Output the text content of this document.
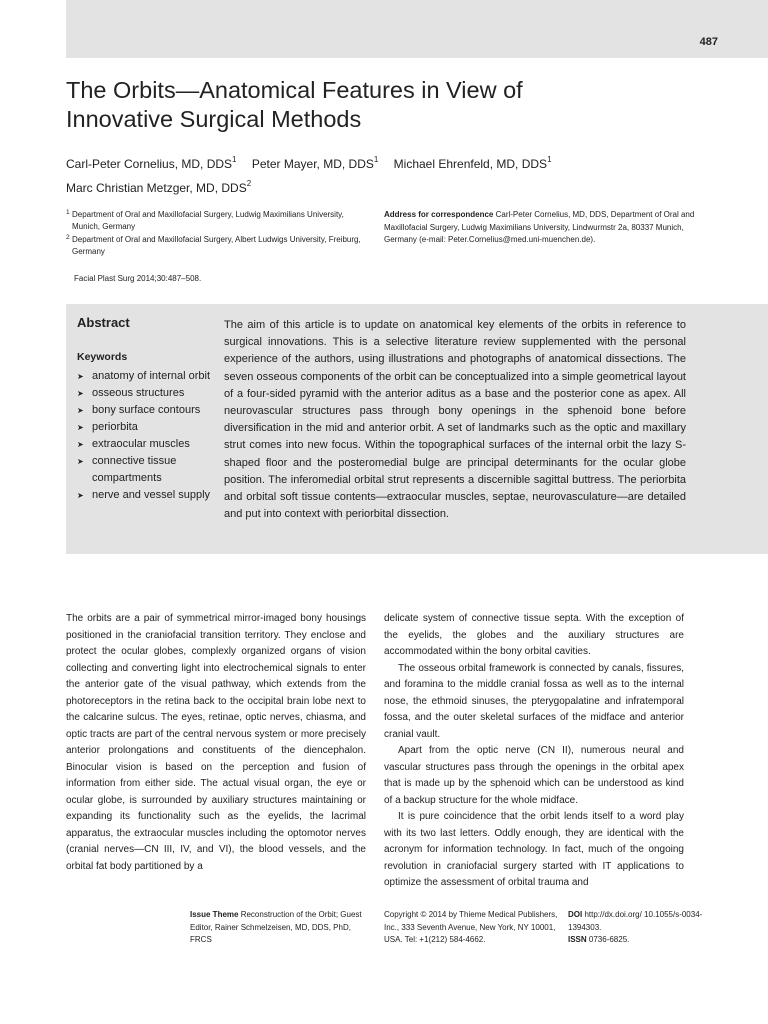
487
The Orbits—Anatomical Features in View of
Innovative Surgical Methods
Carl-Peter Cornelius, MD, DDS$^1$ Peter Mayer, MD, DDS$^1$ Michael Ehrenfeld, MD, DDS$^1$
Marc Christian Metzger, MD, DDS$^2$
1 Department of Oral and Maxillofacial Surgery, Ludwig Maximilians University, Munich, Germany
2 Department of Oral and Maxillofacial Surgery, Albert Ludwigs University, Freiburg, Germany
Address for correspondence Carl-Peter Cornelius, MD, DDS, Department of Oral and Maxillofacial Surgery, Ludwig Maximilians University, Lindwurmstr 2a, 80337 Munich, Germany (e-mail: Peter.Cornelius@med.uni-muenchen.de).
Facial Plast Surg 2014;30:487–508.
Abstract
Keywords
➤ anatomy of internal orbit
➤ osseous structures
➤ bony surface contours
➤ periorbita
➤ extraocular muscles
➤ connective tissue compartments
➤ nerve and vessel supply
The aim of this article is to update on anatomical key elements of the orbits in reference to surgical innovations. This is a selective literature review supplemented with the personal experience of the authors, using illustrations and photographs of anatomical dissections. The seven osseous components of the orbit can be conceptualized into a simple geometrical layout of a four-sided pyramid with the anterior aditus as a base and the posterior cone as apex. All neurovascular structures pass through bony openings in the sphenoid bone before diversification in the mid and anterior orbit. A set of landmarks such as the optic and maxillary strut comes into new focus. Within the topographical surfaces of the internal orbit the lazy S-shaped floor and the posteromedial bulge are principal determinants for the ocular globe position. The inferomedial orbital strut represents a discernible sagittal buttress. The periorbita and orbital soft tissue contents—extraocular muscles, septae, neurovasculature—are detailed and put into context with periorbital dissection.

The orbits are a pair of symmetrical mirror-imaged bony housings positioned in the craniofacial transition territory. They enclose and protect the ocular globes, complexly organized organs of vision collecting and converting light into electrochemical signals to enter the anterior gate of the visual pathway, which extends from the photoreceptors in the retina back to the occipital brain lobe next to the calcarine sulcus. The eyes, retinae, optic nerves, chiasma, and optic tracts are part of the central nervous system or more precisely anterior prolongations and constituents of the diencephalon. Binocular vision is based on the perception and fusion of information from either side. The actual visual organ, the eye or ocular globe, is surrounded by auxiliary structures maintaining or expanding its functionality such as the eyelids, the lacrimal apparatus, the extraocular muscles including the optomotor nerves (cranial nerves—CN III, IV, and VI), the blood vessels, and the orbital fat body partitioned by a

delicate system of connective tissue septa. With the exception of the eyelids, the globes and the auxiliary structures are accommodated within the bony orbital cavities.

The osseous orbital framework is connected by canals, fissures, and foramina to the middle cranial fossa as well as to the internal nose, the ethmoid sinuses, the pterygopalatine and infratemporal fossa, and the outer skeletal surfaces of the midface and anterior cranial vault.

Apart from the optic nerve (CN II), numerous neural and vascular structures pass through the openings in the orbital apex that is made up by the sphenoid which can be understood as kind of a backup structure for the whole midface.

It is pure coincidence that the orbit lends itself to a word play with its two last letters. Oddly enough, they are identical with the acronym for information technology. In fact, much of the ongoing revolution in craniofacial surgery started with IT applications to optimize the assessment of orbital trauma and

Issue Theme Reconstruction of the Orbit; Guest Editor, Rainer Schmelzeisen, MD, DDS, PhD, FRCS
Copyright © 2014 by Thieme Medical Publishers, Inc., 333 Seventh Avenue, New York, NY 10001, USA. Tel: +1(212) 584-4662.
DOI http://dx.doi.org/ 10.1055/s-0034-1394303.
ISSN 0736-6825.
